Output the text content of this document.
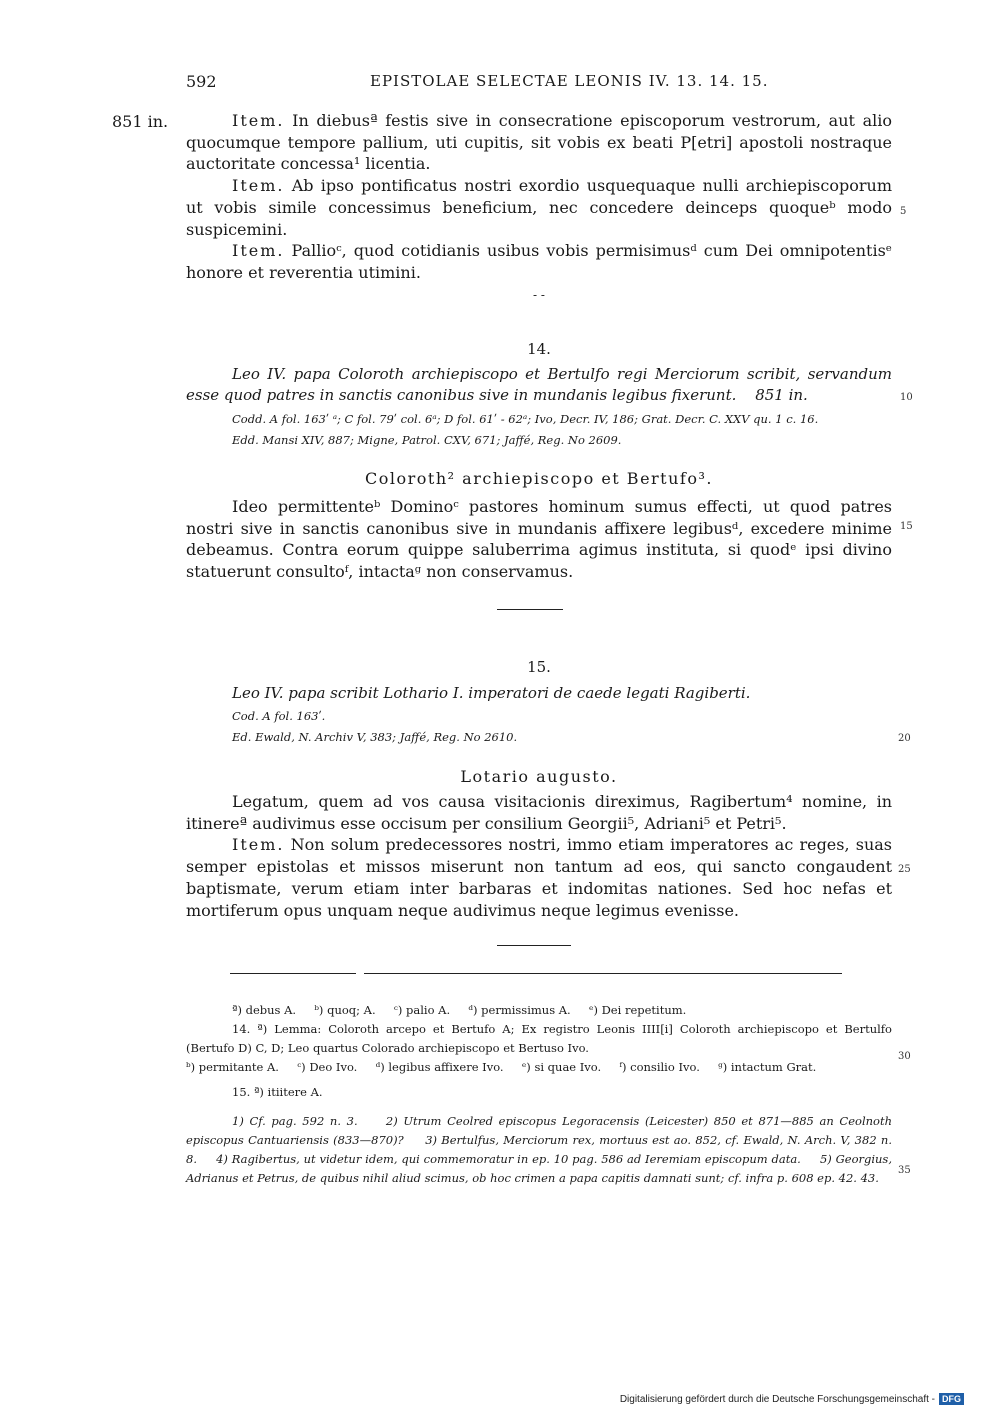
592	EPISTOLAE SELECTAE LEONIS IV. 13. 14. 15.
851 in.	Item. In diebusª festis sive in consecratione episcoporum vestrorum, aut alio quocumque tempore pallium, uti cupitis, sit vobis ex beati P[etri] apostoli nostraque auctoritate concessa¹ licentia.

Item. Ab ipso pontificatus nostri exordio usquequaque nulli archiepiscoporum ut vobis simile concessimus beneficium, nec concedere deinceps quoqueᵇ modo suspicemini.

Item. Pallioᶜ, quod cotidianis usibus vobis permisimusᵈ cum Dei omnipotentisᵉ honore et reverentia utimini.

5
- -
14.
Leo IV. papa Coloroth archiepiscopo et Bertulfo regi Merciorum scribit, servandum esse quod patres in sanctis canonibus sive in mundanis legibus fixerunt. 851 in.	10
Codd. A fol. 163ʹ ᵃ; C fol. 79ʹ col. 6ᵃ; D fol. 61ʹ - 62ᵃ; Ivo, Decr. IV, 186; Grat. Decr. C. XXV qu. 1 c. 16.
Edd. Mansi XIV, 887; Migne, Patrol. CXV, 671; Jaffé, Reg. No 2609.
Coloroth² archiepiscopo et Bertufo³.

Ideo permittenteᵇ Dominoᶜ pastores hominum sumus effecti, ut quod patres nostri sive in sanctis canonibus sive in mundanis affixere legibusᵈ, excedere minime debeamus. Contra eorum quippe saluberrima agimus instituta, si quodᵉ ipsi divino statuerunt consultoᶠ, intactaᵍ non conservamus.

15
15.
Leo IV. papa scribit Lothario I. imperatori de caede legati Ragiberti.
Cod. A fol. 163ʹ.
Ed. Ewald, N. Archiv V, 383; Jaffé, Reg. No 2610.	20
Lotario augusto.

Legatum, quem ad vos causa visitacionis direximus, Ragibertum⁴ nomine, in itinereª audivimus esse occisum per consilium Georgii⁵, Adriani⁵ et Petri⁵.

Item. Non solum predecessores nostri, immo etiam imperatores ac reges, suas semper epistolas et missos miserunt non tantum ad eos, qui sancto congaudent baptismate, verum etiam inter barbaras et indomitas nationes. Sed hoc nefas et mortiferum opus unquam neque audivimus neque legimus evenisse.

25

ª) debus A.     ᵇ) quoq; A.     ᶜ) palio A.     ᵈ) permissimus A.     ᵉ) Dei repetitum.

14. ª) Lemma: Coloroth arcepo et Bertufo A; Ex registro Leonis IIII[i] Coloroth archiepiscopo et Bertulfo (Bertufo D) C, D; Leo quartus Colorado archiepiscopo et Bertuso Ivo.

ᵇ) permitante A.     ᶜ) Deo Ivo.     ᵈ) legibus affixere Ivo.     ᵉ) si quae Ivo.     ᶠ) consilio Ivo.     ᵍ) intactum Grat.

15. ª) itiitere A.

1) Cf. pag. 592 n. 3.     2) Utrum Ceolred episcopus Legoracensis (Leicester) 850 et 871—885 an Ceolnoth episcopus Cantuariensis (833—870)?     3) Bertulfus, Merciorum rex, mortuus est ao. 852, cf. Ewald, N. Arch. V, 382 n. 8.     4) Ragibertus, ut videtur idem, qui commemoratur in ep. 10 pag. 586 ad Ieremiam episcopum data.     5) Georgius, Adrianus et Petrus, de quibus nihil aliud scimus, ob hoc crimen a papa capitis damnati sunt; cf. infra p. 608 ep. 42. 43.

30
35
Digitalisierung gefördert durch die Deutsche Forschungsgemeinschaft - DFG
